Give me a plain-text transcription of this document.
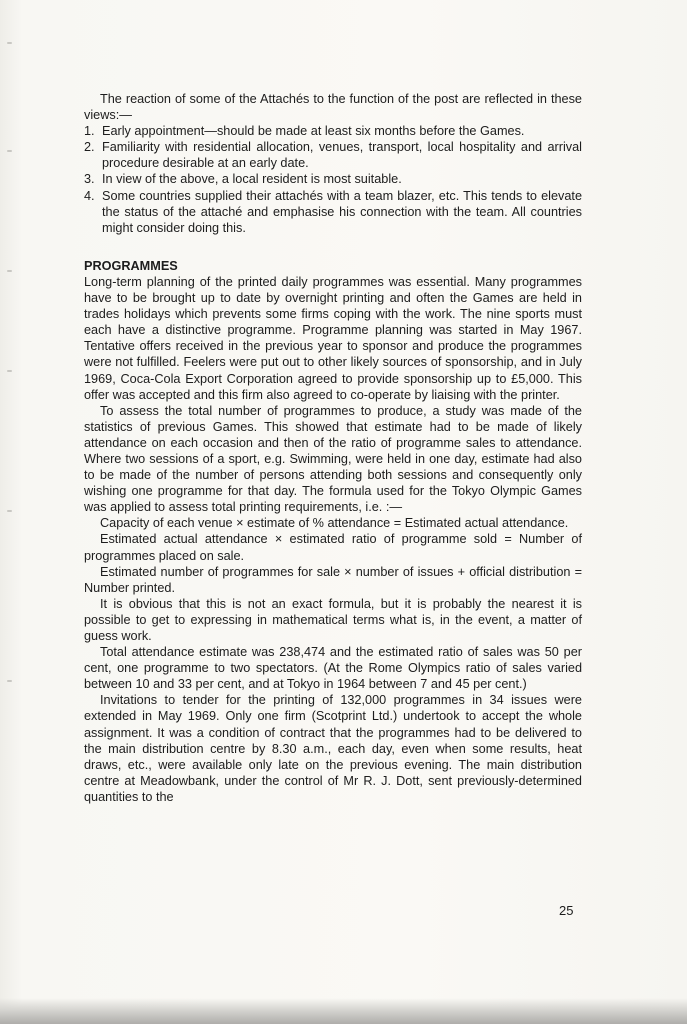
The reaction of some of the Attachés to the function of the post are reflected in these views:—

1. Early appointment—should be made at least six months before the Games.
2. Familiarity with residential allocation, venues, transport, local hospitality and arrival procedure desirable at an early date.
3. In view of the above, a local resident is most suitable.
4. Some countries supplied their attachés with a team blazer, etc. This tends to elevate the status of the attaché and emphasise his connection with the team. All countries might consider doing this.
PROGRAMMES

Long-term planning of the printed daily programmes was essential. Many programmes have to be brought up to date by overnight printing and often the Games are held in trades holidays which prevents some firms coping with the work. The nine sports must each have a distinctive programme. Programme planning was started in May 1967. Tentative offers received in the previous year to sponsor and produce the programmes were not fulfilled. Feelers were put out to other likely sources of sponsorship, and in July 1969, Coca-Cola Export Corporation agreed to provide sponsorship up to £5,000. This offer was accepted and this firm also agreed to co-operate by liaising with the printer.

To assess the total number of programmes to produce, a study was made of the statistics of previous Games. This showed that estimate had to be made of likely attendance on each occasion and then of the ratio of programme sales to attendance. Where two sessions of a sport, e.g. Swimming, were held in one day, estimate had also to be made of the number of persons attending both sessions and consequently only wishing one programme for that day. The formula used for the Tokyo Olympic Games was applied to assess total printing requirements, i.e. :—

Capacity of each venue × estimate of % attendance = Estimated actual attendance.

Estimated actual attendance × estimated ratio of programme sold = Number of programmes placed on sale.

Estimated number of programmes for sale × number of issues + official distribution = Number printed.

It is obvious that this is not an exact formula, but it is probably the nearest it is possible to get to expressing in mathematical terms what is, in the event, a matter of guess work.

Total attendance estimate was 238,474 and the estimated ratio of sales was 50 per cent, one programme to two spectators. (At the Rome Olympics ratio of sales varied between 10 and 33 per cent, and at Tokyo in 1964 between 7 and 45 per cent.)

Invitations to tender for the printing of 132,000 programmes in 34 issues were extended in May 1969. Only one firm (Scotprint Ltd.) undertook to accept the whole assignment. It was a condition of contract that the programmes had to be delivered to the main distribution centre by 8.30 a.m., each day, even when some results, heat draws, etc., were available only late on the previous evening. The main distribution centre at Meadowbank, under the control of Mr R. J. Dott, sent previously-determined quantities to the

25
